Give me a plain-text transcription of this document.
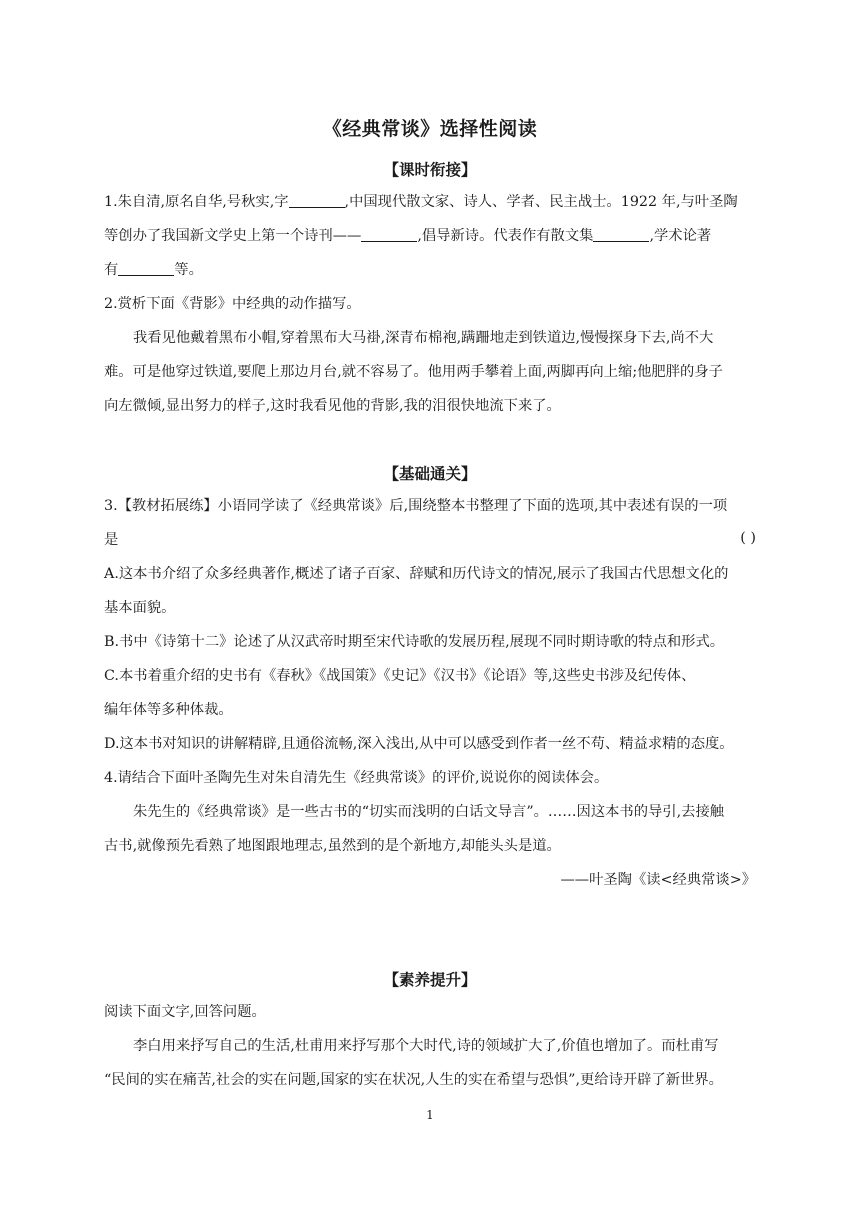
《经典常谈》选择性阅读
【课时衔接】
1.朱自清,原名自华,号秋实,字	,中国现代散文家、诗人、学者、民主战士。1922 年,与叶圣陶
等创办了我国新文学史上第一个诗刊——	,倡导新诗。代表作有散文集	,学术论著
有	等。
2.赏析下面《背影》中经典的动作描写。
我看见他戴着黑布小帽,穿着黑布大马褂,深青布棉袍,蹒跚地走到铁道边,慢慢探身下去,尚不大
难。可是他穿过铁道,要爬上那边月台,就不容易了。他用两手攀着上面,两脚再向上缩;他肥胖的身子
向左微倾,显出努力的样子,这时我看见他的背影,我的泪很快地流下来了。
【基础通关】
3.【教材拓展练】小语同学读了《经典常谈》后,围绕整本书整理了下面的选项,其中表述有误的一项
是	( )
A.这本书介绍了众多经典著作,概述了诸子百家、辞赋和历代诗文的情况,展示了我国古代思想文化的
基本面貌。
B.书中《诗第十二》论述了从汉武帝时期至宋代诗歌的发展历程,展现不同时期诗歌的特点和形式。
C.本书着重介绍的史书有《春秋》《战国策》《史记》《汉书》《论语》等,这些史书涉及纪传体、
编年体等多种体裁。
D.这本书对知识的讲解精辟,且通俗流畅,深入浅出,从中可以感受到作者一丝不苟、精益求精的态度。
4.请结合下面叶圣陶先生对朱自清先生《经典常谈》的评价,说说你的阅读体会。
朱先生的《经典常谈》是一些古书的“切实而浅明的白话文导言”。……因这本书的导引,去接触
古书,就像预先看熟了地图跟地理志,虽然到的是个新地方,却能头头是道。
——叶圣陶《读<经典常谈>》
【素养提升】
阅读下面文字,回答问题。
李白用来抒写自己的生活,杜甫用来抒写那个大时代,诗的领域扩大了,价值也增加了。而杜甫写
“民间的实在痛苦,社会的实在问题,国家的实在状况,人生的实在希望与恐惧”,更给诗开辟了新世界。
1
